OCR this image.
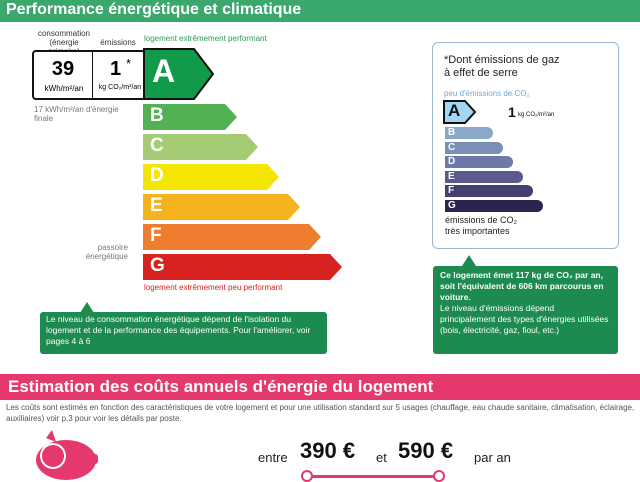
Performance énergétique et climatique
consommation (énergie	émissions logement extrêmement performant
39
kWh/m²/an
1 *
kg CO₂/m²/an A
17 kWh/m²/an d'énergie finale
passoire énergétique
B
C
D
E
F
G
logement extrêmement peu performant
Le niveau de consommation énergétique dépend de l'isolation du logement et de la performance des équipements. Pour l'améliorer, voir pages 4 à 6
*Dont émissions de gaz
à effet de serre
peu d'émissions de CO₂
A	1 kg CO₂/m²/an
B
C
D
E
F
G
émissions de CO₂
très importantes
Ce logement émet 117 kg de CO₂ par an, soit l'équivalent de 606 km parcourus en voiture.
Le niveau d'émissions dépend principalement des types d'énergies utilisées (bois, électricité, gaz, fioul, etc.)
Estimation des coûts annuels d'énergie du logement
Les coûts sont estimés en fonction des caractéristiques de votre logement et pour une utilisation standard sur 5 usages (chauffage, eau chaude sanitaire, climatisation, éclairage, auxiliaires) voir p.3 pour voir les détails par poste.
€	entre 390 € et 590 € par an
